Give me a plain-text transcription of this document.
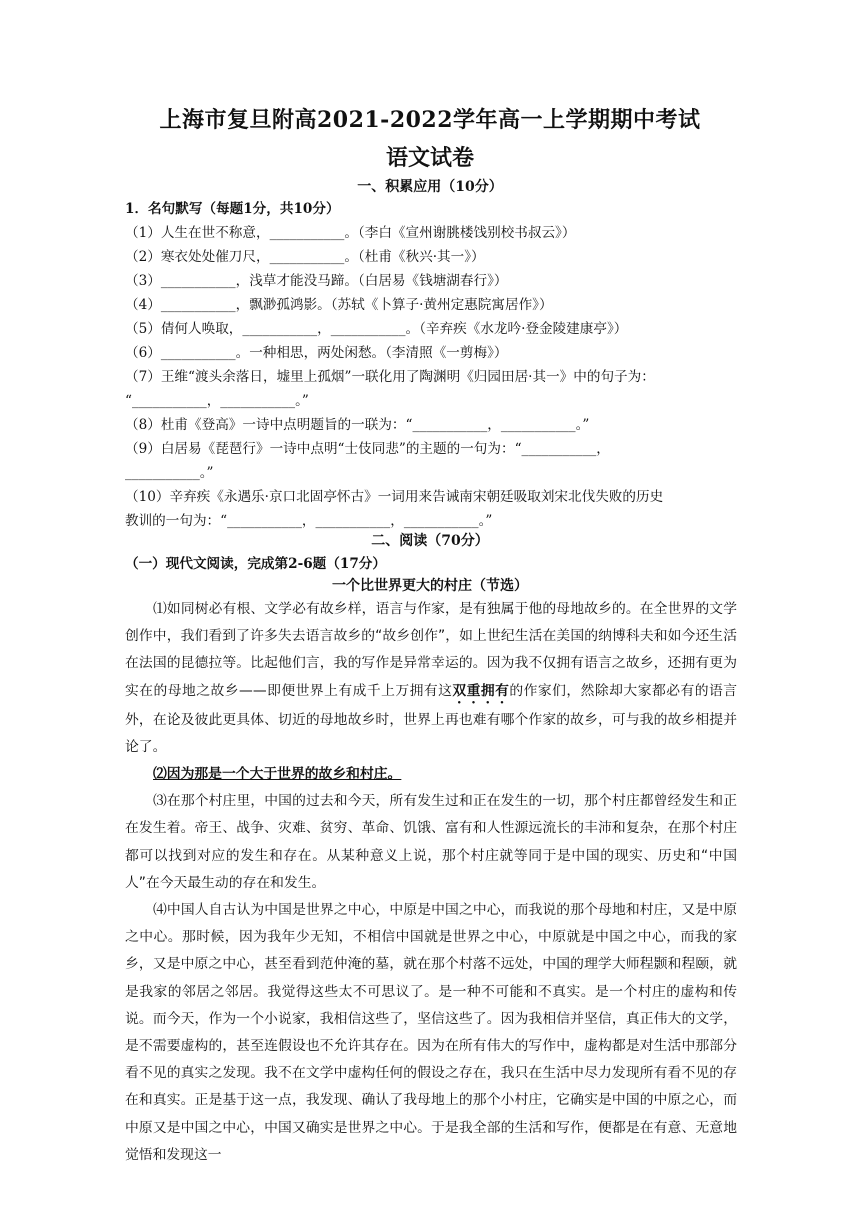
上海市复旦附高2021-2022学年高一上学期期中考试
语文试卷
一、积累应用（10分）
1．名句默写（每题1分，共10分）
（1）人生在世不称意，___________。（李白《宣州谢朓楼饯别校书叔云》）
（2）寒衣处处催刀尺，___________。（杜甫《秋兴·其一》）
（3）___________，浅草才能没马蹄。（白居易《钱塘湖春行》）
（4）___________，飘渺孤鸿影。（苏轼《卜算子·黄州定惠院寓居作》）
（5）倩何人唤取，___________，___________。（辛弃疾《水龙吟·登金陵建康亭》）
（6）___________。一种相思，两处闲愁。（李清照《一剪梅》）
（7）王维“渡头余落日，墟里上孤烟”一联化用了陶渊明《归园田居·其一》中的句子为：
“___________，___________。”
（8）杜甫《登高》一诗中点明题旨的一联为：“___________，___________。”
（9）白居易《琵琶行》一诗中点明“士伎同悲”的主题的一句为：“___________，
___________。”
（10）辛弃疾《永遇乐·京口北固亭怀古》一词用来告诫南宋朝廷吸取刘宋北伐失败的历史
教训的一句为：“___________，___________，___________。”
二、阅读（70分）
（一）现代文阅读，完成第2-6题（17分）
一个比世界更大的村庄（节选）

⑴如同树必有根、文学必有故乡样，语言与作家，是有独属于他的母地故乡的。在全世界的文学创作中，我们看到了许多失去语言故乡的“故乡创作”，如上世纪生活在美国的纳博科夫和如今还生活在法国的昆德拉等。比起他们言，我的写作是异常幸运的。因为我不仅拥有语言之故乡，还拥有更为实在的母地之故乡——即便世界上有成千上万拥有这双重拥有的作家们，然除却大家都必有的语言外，在论及彼此更具体、切近的母地故乡时，世界上再也难有哪个作家的故乡，可与我的故乡相提并论了。

⑵因为那是一个大于世界的故乡和村庄。

⑶在那个村庄里，中国的过去和今天，所有发生过和正在发生的一切，那个村庄都曾经发生和正在发生着。帝王、战争、灾难、贫穷、革命、饥饿、富有和人性源远流长的丰沛和复杂，在那个村庄都可以找到对应的发生和存在。从某种意义上说，那个村庄就等同于是中国的现实、历史和“中国人”在今天最生动的存在和发生。

⑷中国人自古认为中国是世界之中心，中原是中国之中心，而我说的那个母地和村庄，又是中原之中心。那时候，因为我年少无知，不相信中国就是世界之中心，中原就是中国之中心，而我的家乡，又是中原之中心，甚至看到范仲淹的墓，就在那个村落不远处，中国的理学大师程颢和程颐，就是我家的邻居之邻居。我觉得这些太不可思议了。是一种不可能和不真实。是一个村庄的虚构和传说。而今天，作为一个小说家，我相信这些了，坚信这些了。因为我相信并坚信，真正伟大的文学，是不需要虚构的，甚至连假设也不允许其存在。因为在所有伟大的写作中，虚构都是对生活中那部分看不见的真实之发现。我不在文学中虚构任何的假设之存在，我只在生活中尽力发现所有看不见的存在和真实。正是基于这一点，我发现、确认了我母地上的那个小村庄，它确实是中国的中原之心，而中原又是中国之中心，中国又确实是世界之中心。于是我全部的生活和写作，便都是在有意、无意地觉悟和发现这一
